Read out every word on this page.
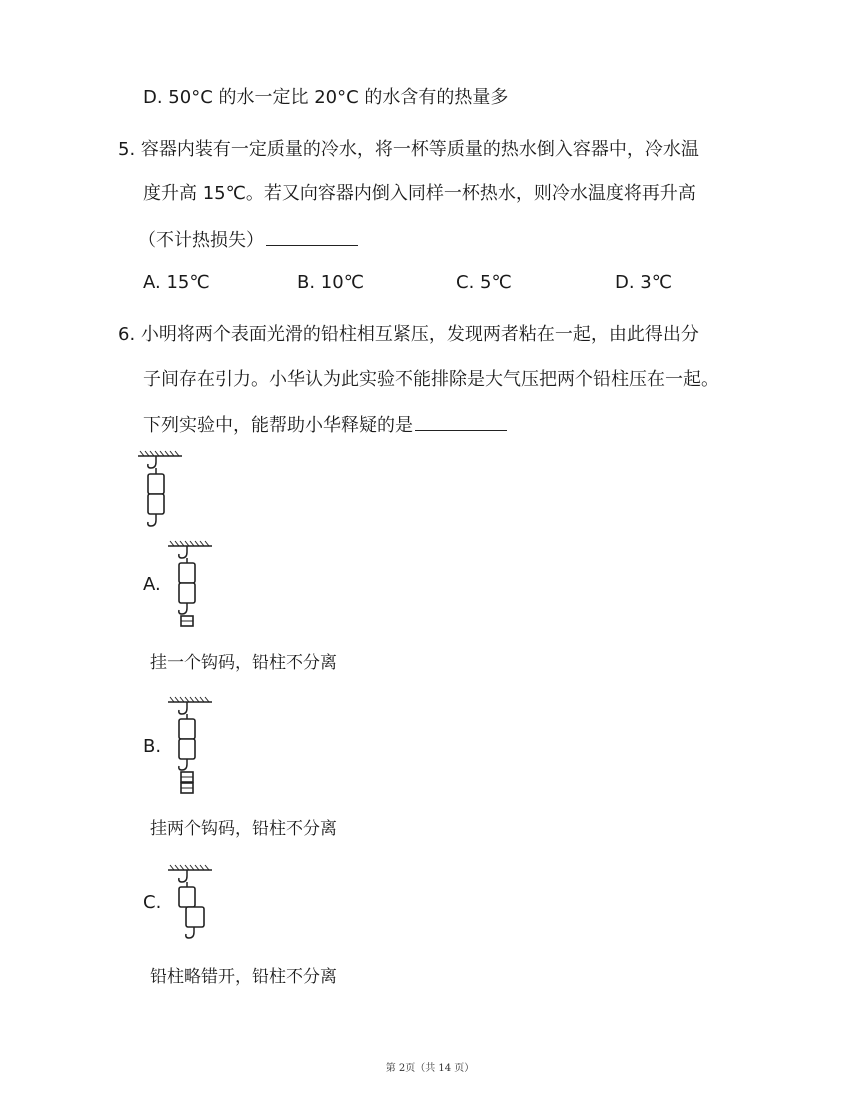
D. 50°C 的水一定比 20°C 的水含有的热量多
5. 容器内装有一定质量的冷水，将一杯等质量的热水倒入容器中，冷水温
度升高 15℃。若又向容器内倒入同样一杯热水，则冷水温度将再升高
（不计热损失）
A. 15℃	B. 10℃	C. 5℃	D. 3℃
6. 小明将两个表面光滑的铅柱相互紧压，发现两者粘在一起，由此得出分
子间存在引力。小华认为此实验不能排除是大气压把两个铅柱压在一起。
下列实验中，能帮助小华释疑的是
A.
挂一个钩码，铅柱不分离
B.
挂两个钩码，铅柱不分离
C.
铅柱略错开，铅柱不分离
第 2页（共 14 页）
